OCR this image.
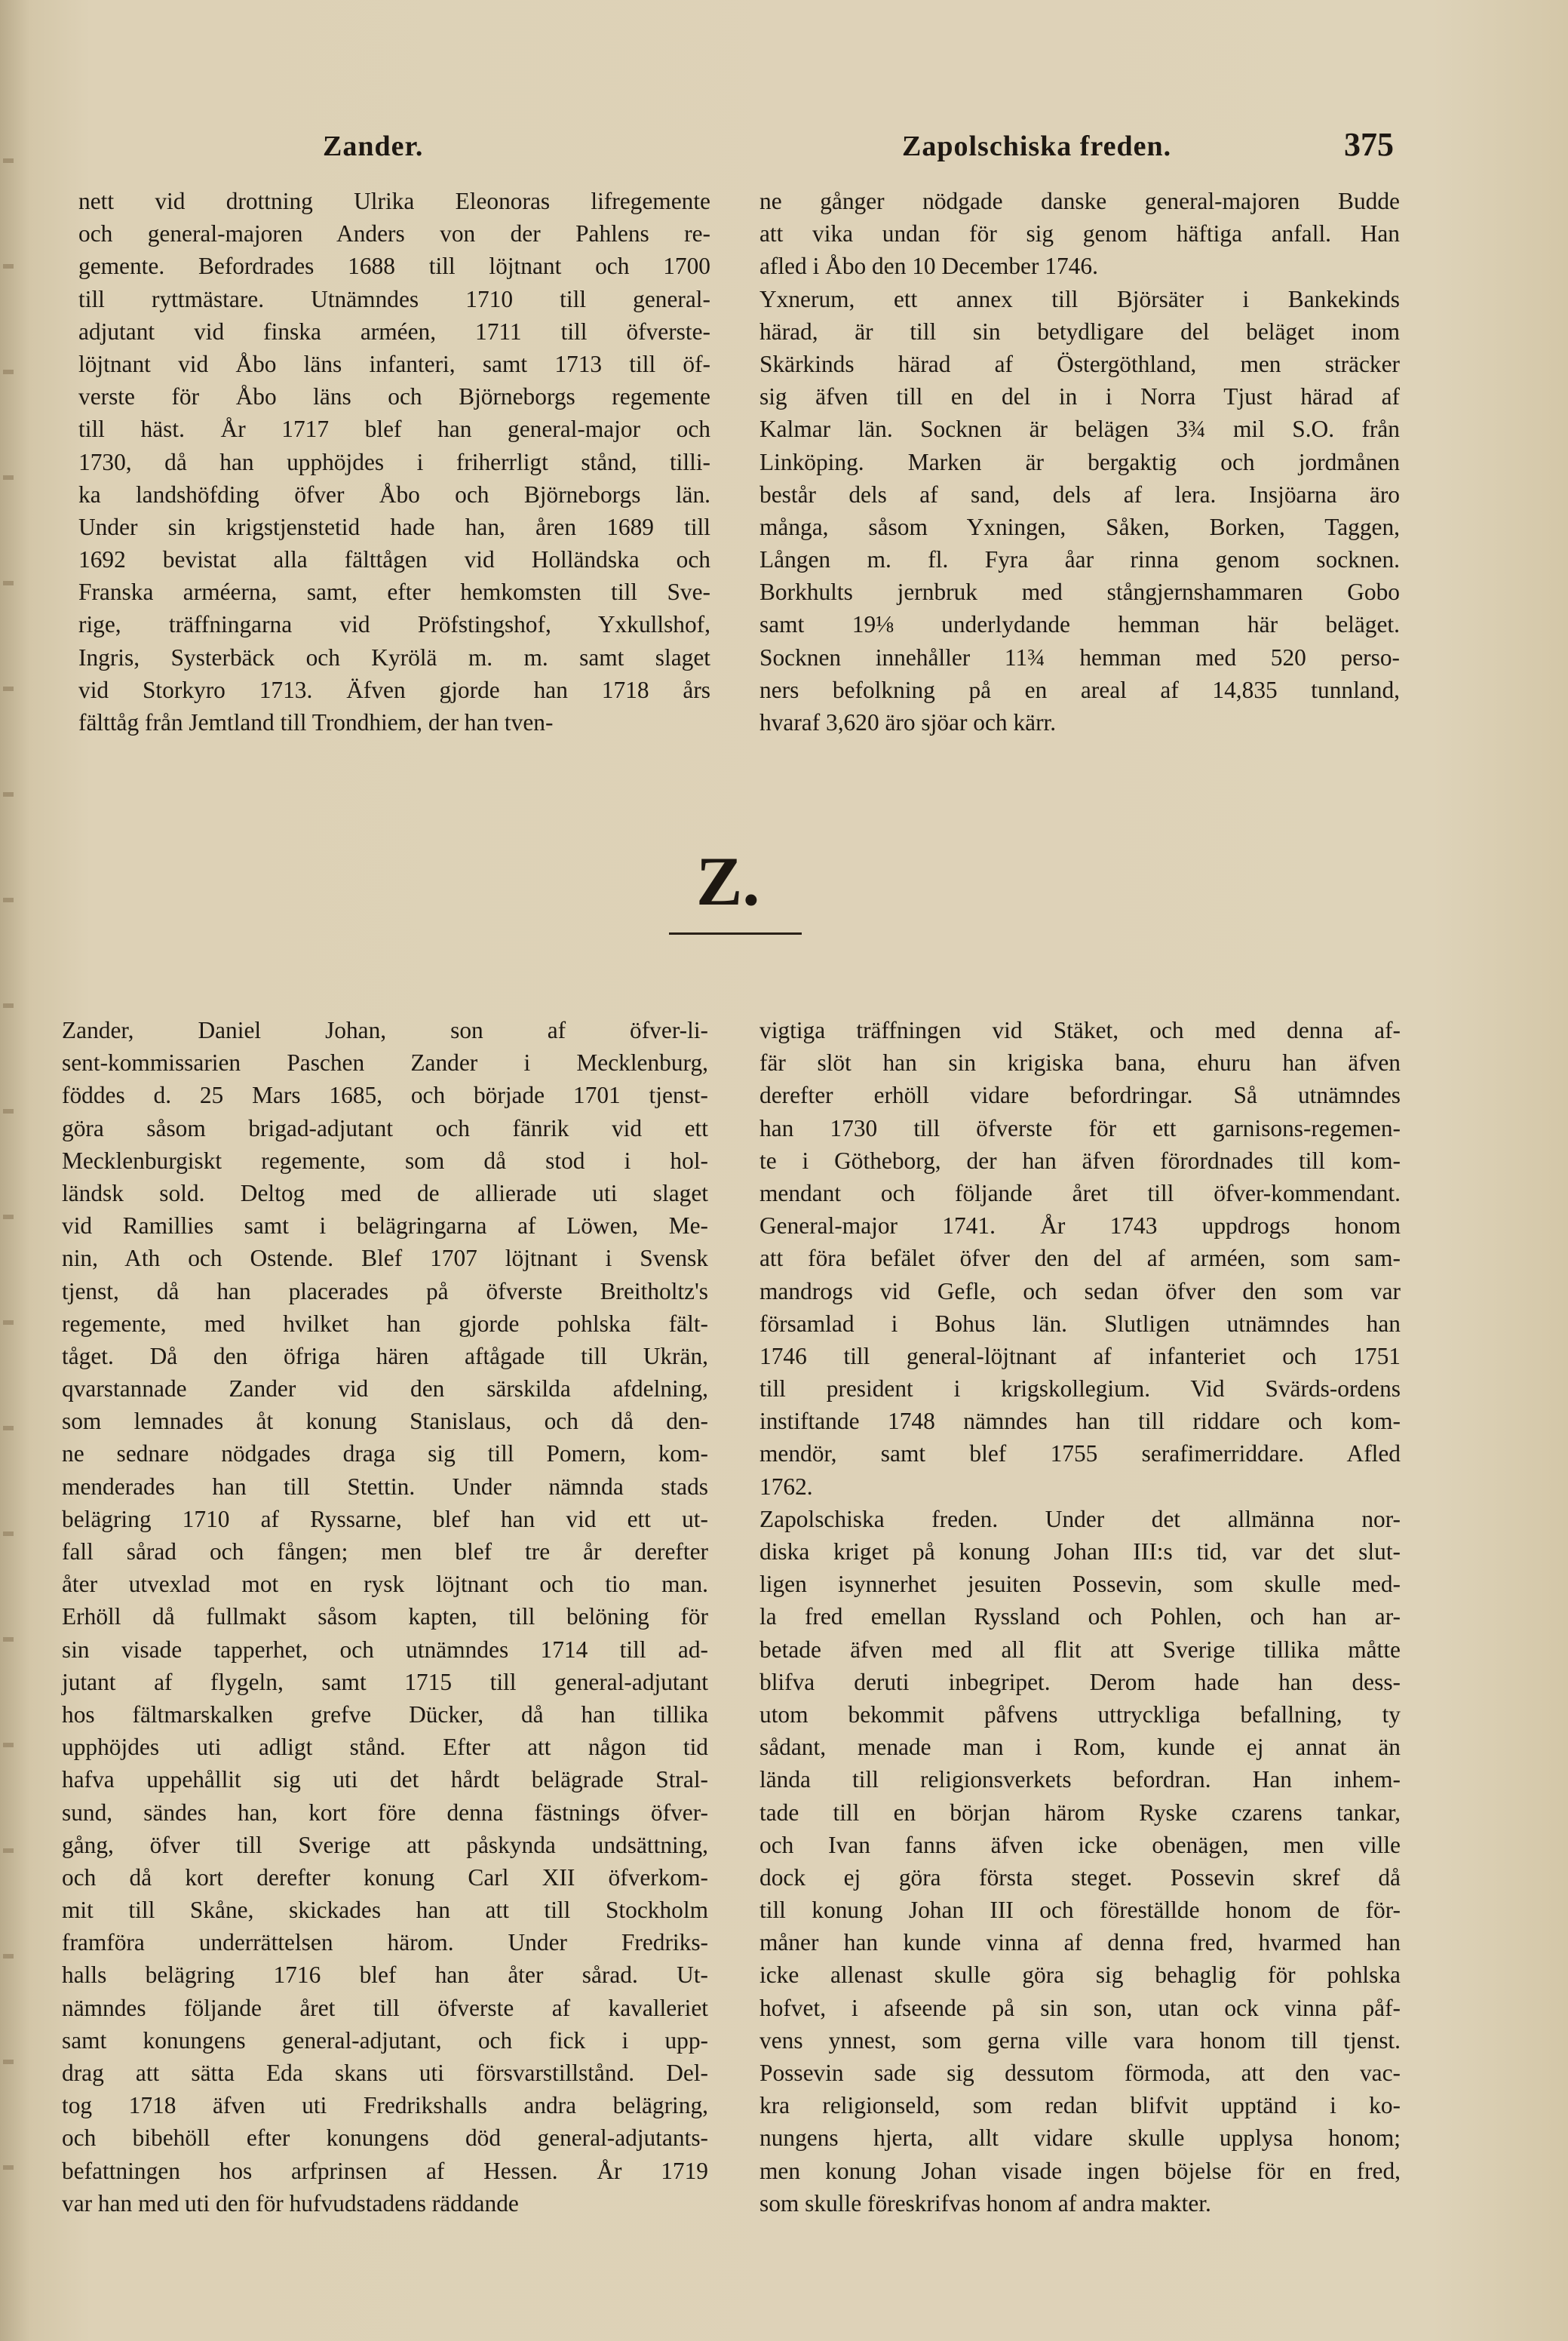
Zander.	Zapolschiska freden.	375
nett vid drottning Ulrika Eleonoras lifregemente
och general-majoren Anders von der Pahlens re-
gemente. Befordrades 1688 till löjtnant och 1700
till ryttmästare. Utnämndes 1710 till general-
adjutant vid finska arméen, 1711 till öfverste-
löjtnant vid Åbo läns infanteri, samt 1713 till öf-
verste för Åbo läns och Björneborgs regemente
till häst. År 1717 blef han general-major och
1730, då han upphöjdes i friherrligt stånd, tilli-
ka landshöfding öfver Åbo och Björneborgs län.
Under sin krigstjenstetid hade han, åren 1689 till
1692 bevistat alla fälttågen vid Holländska och
Franska arméerna, samt, efter hemkomsten till Sve-
rige, träffningarna vid Pröfstingshof, Yxkullshof,
Ingris, Systerbäck och Kyrölä m. m. samt slaget
vid Storkyro 1713. Äfven gjorde han 1718 års
fälttåg från Jemtland till Trondhiem, der han tven-
ne gånger nödgade danske general-majoren Budde
att vika undan för sig genom häftiga anfall. Han
afled i Åbo den 10 December 1746.
Yxnerum, ett annex till Björsäter i Bankekinds
härad, är till sin betydligare del beläget inom
Skärkinds härad af Östergöthland, men sträcker
sig äfven till en del in i Norra Tjust härad af
Kalmar län. Socknen är belägen 3¾ mil S.O. från
Linköping. Marken är bergaktig och jordmånen
består dels af sand, dels af lera. Insjöarna äro
många, såsom Yxningen, Såken, Borken, Taggen,
Lången m. fl. Fyra åar rinna genom socknen.
Borkhults jernbruk med stångjernshammaren Gobo
samt 19⅛ underlydande hemman här beläget.
Socknen innehåller 11¾ hemman med 520 perso-
ners befolkning på en areal af 14,835 tunnland,
hvaraf 3,620 äro sjöar och kärr.
Z.
Zander, Daniel Johan, son af öfver-li-
sent-kommissarien Paschen Zander i Mecklenburg,
föddes d. 25 Mars 1685, och började 1701 tjenst-
göra såsom brigad-adjutant och fänrik vid ett
Mecklenburgiskt regemente, som då stod i hol-
ländsk sold. Deltog med de allierade uti slaget
vid Ramillies samt i belägringarna af Löwen, Me-
nin, Ath och Ostende. Blef 1707 löjtnant i Svensk
tjenst, då han placerades på öfverste Breitholtz's
regemente, med hvilket han gjorde pohlska fält-
tåget. Då den öfriga hären aftågade till Ukrän,
qvarstannade Zander vid den särskilda afdelning,
som lemnades åt konung Stanislaus, och då den-
ne sednare nödgades draga sig till Pomern, kom-
menderades han till Stettin. Under nämnda stads
belägring 1710 af Ryssarne, blef han vid ett ut-
fall sårad och fången; men blef tre år derefter
åter utvexlad mot en rysk löjtnant och tio man.
Erhöll då fullmakt såsom kapten, till belöning för
sin visade tapperhet, och utnämndes 1714 till ad-
jutant af flygeln, samt 1715 till general-adjutant
hos fältmarskalken grefve Dücker, då han tillika
upphöjdes uti adligt stånd. Efter att någon tid
hafva uppehållit sig uti det hårdt belägrade Stral-
sund, sändes han, kort före denna fästnings öfver-
gång, öfver till Sverige att påskynda undsättning,
och då kort derefter konung Carl XII öfverkom-
mit till Skåne, skickades han att till Stockholm
framföra underrättelsen härom. Under Fredriks-
halls belägring 1716 blef han åter sårad. Ut-
nämndes följande året till öfverste af kavalleriet
samt konungens general-adjutant, och fick i upp-
drag att sätta Eda skans uti försvarstillstånd. Del-
tog 1718 äfven uti Fredrikshalls andra belägring,
och bibehöll efter konungens död general-adjutants-
befattningen hos arfprinsen af Hessen. År 1719
var han med uti den för hufvudstadens räddande
vigtiga träffningen vid Stäket, och med denna af-
fär slöt han sin krigiska bana, ehuru han äfven
derefter erhöll vidare befordringar. Så utnämndes
han 1730 till öfverste för ett garnisons-regemen-
te i Götheborg, der han äfven förordnades till kom-
mendant och följande året till öfver-kommendant.
General-major 1741. År 1743 uppdrogs honom
att föra befälet öfver den del af arméen, som sam-
mandrogs vid Gefle, och sedan öfver den som var
församlad i Bohus län. Slutligen utnämndes han
1746 till general-löjtnant af infanteriet och 1751
till president i krigskollegium. Vid Svärds-ordens
instiftande 1748 nämndes han till riddare och kom-
mendör, samt blef 1755 serafimerriddare. Afled
1762.
Zapolschiska freden. Under det allmänna nor-
diska kriget på konung Johan III:s tid, var det slut-
ligen isynnerhet jesuiten Possevin, som skulle med-
la fred emellan Ryssland och Pohlen, och han ar-
betade äfven med all flit att Sverige tillika måtte
blifva deruti inbegripet. Derom hade han dess-
utom bekommit påfvens uttryckliga befallning, ty
sådant, menade man i Rom, kunde ej annat än
lända till religionsverkets befordran. Han inhem-
tade till en början härom Ryske czarens tankar,
och Ivan fanns äfven icke obenägen, men ville
dock ej göra första steget. Possevin skref då
till konung Johan III och föreställde honom de för-
måner han kunde vinna af denna fred, hvarmed han
icke allenast skulle göra sig behaglig för pohlska
hofvet, i afseende på sin son, utan ock vinna påf-
vens ynnest, som gerna ville vara honom till tjenst.
Possevin sade sig dessutom förmoda, att den vac-
kra religionseld, som redan blifvit upptänd i ko-
nungens hjerta, allt vidare skulle upplysa honom;
men konung Johan visade ingen böjelse för en fred,
som skulle föreskrifvas honom af andra makter.
